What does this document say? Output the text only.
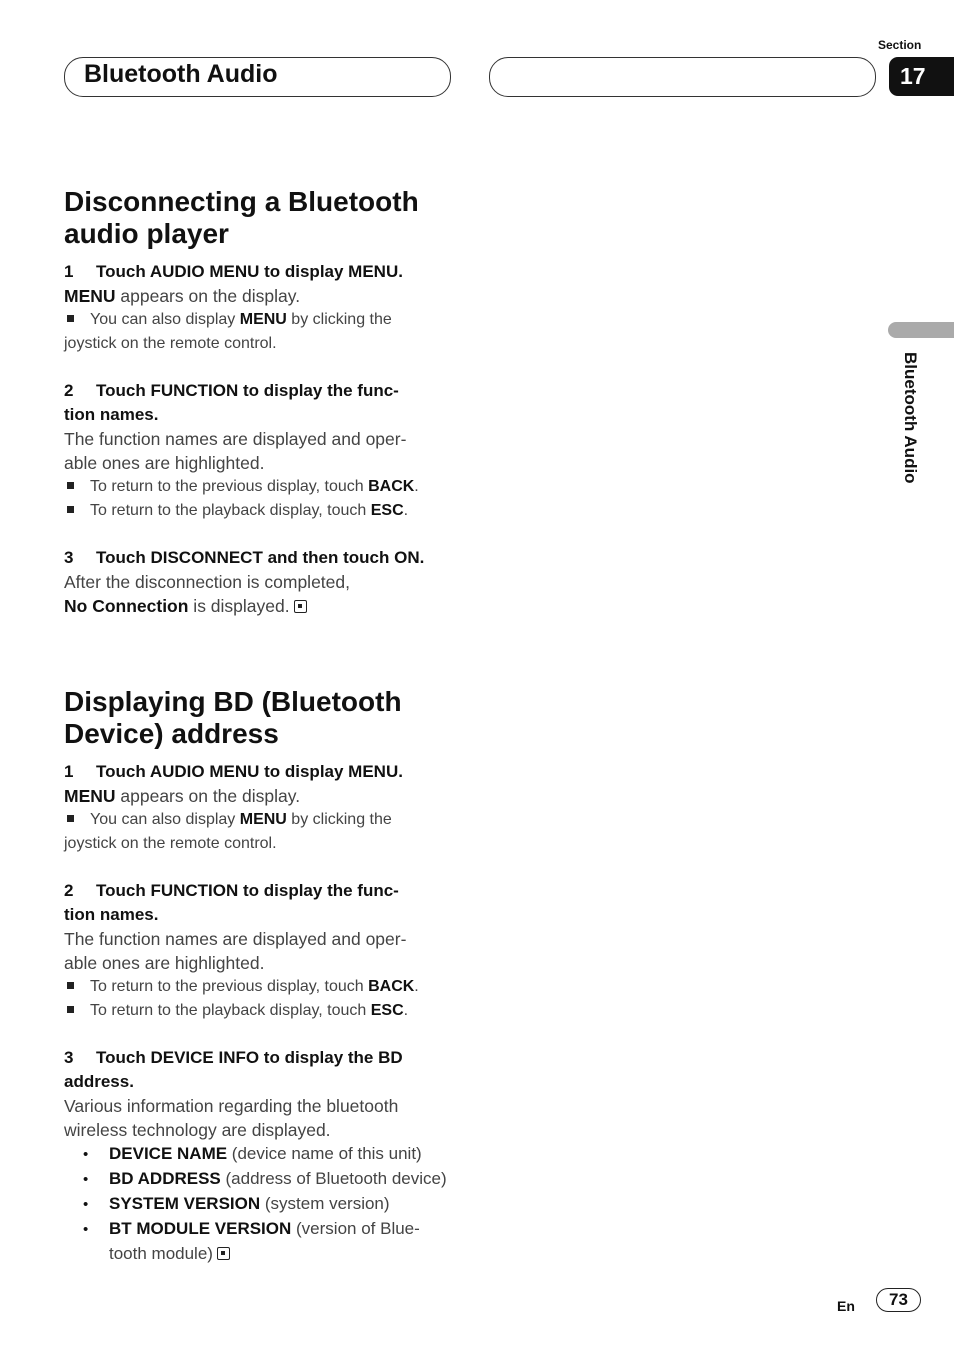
Bluetooth Audio
Section
17
Bluetooth Audio
Disconnecting a Bluetooth
audio player

1 Touch AUDIO MENU to display MENU.

MENU appears on the display.

You can also display MENU by clicking the
joystick on the remote control.

2 Touch FUNCTION to display the func-
tion names.

The function names are displayed and oper-
able ones are highlighted.

To return to the previous display, touch BACK.

To return to the playback display, touch ESC.

3 Touch DISCONNECT and then touch ON.

After the disconnection is completed,
No Connection is displayed.

Displaying BD (Bluetooth
Device) address

1 Touch AUDIO MENU to display MENU.

MENU appears on the display.

You can also display MENU by clicking the
joystick on the remote control.

2 Touch FUNCTION to display the func-
tion names.

The function names are displayed and oper-
able ones are highlighted.

To return to the previous display, touch BACK.

To return to the playback display, touch ESC.

3 Touch DEVICE INFO to display the BD
address.

Various information regarding the bluetooth
wireless technology are displayed.

• DEVICE NAME (device name of this unit)

• BD ADDRESS (address of Bluetooth device)

• SYSTEM VERSION (system version)

• BT MODULE VERSION (version of Blue-
tooth module)

En	73
